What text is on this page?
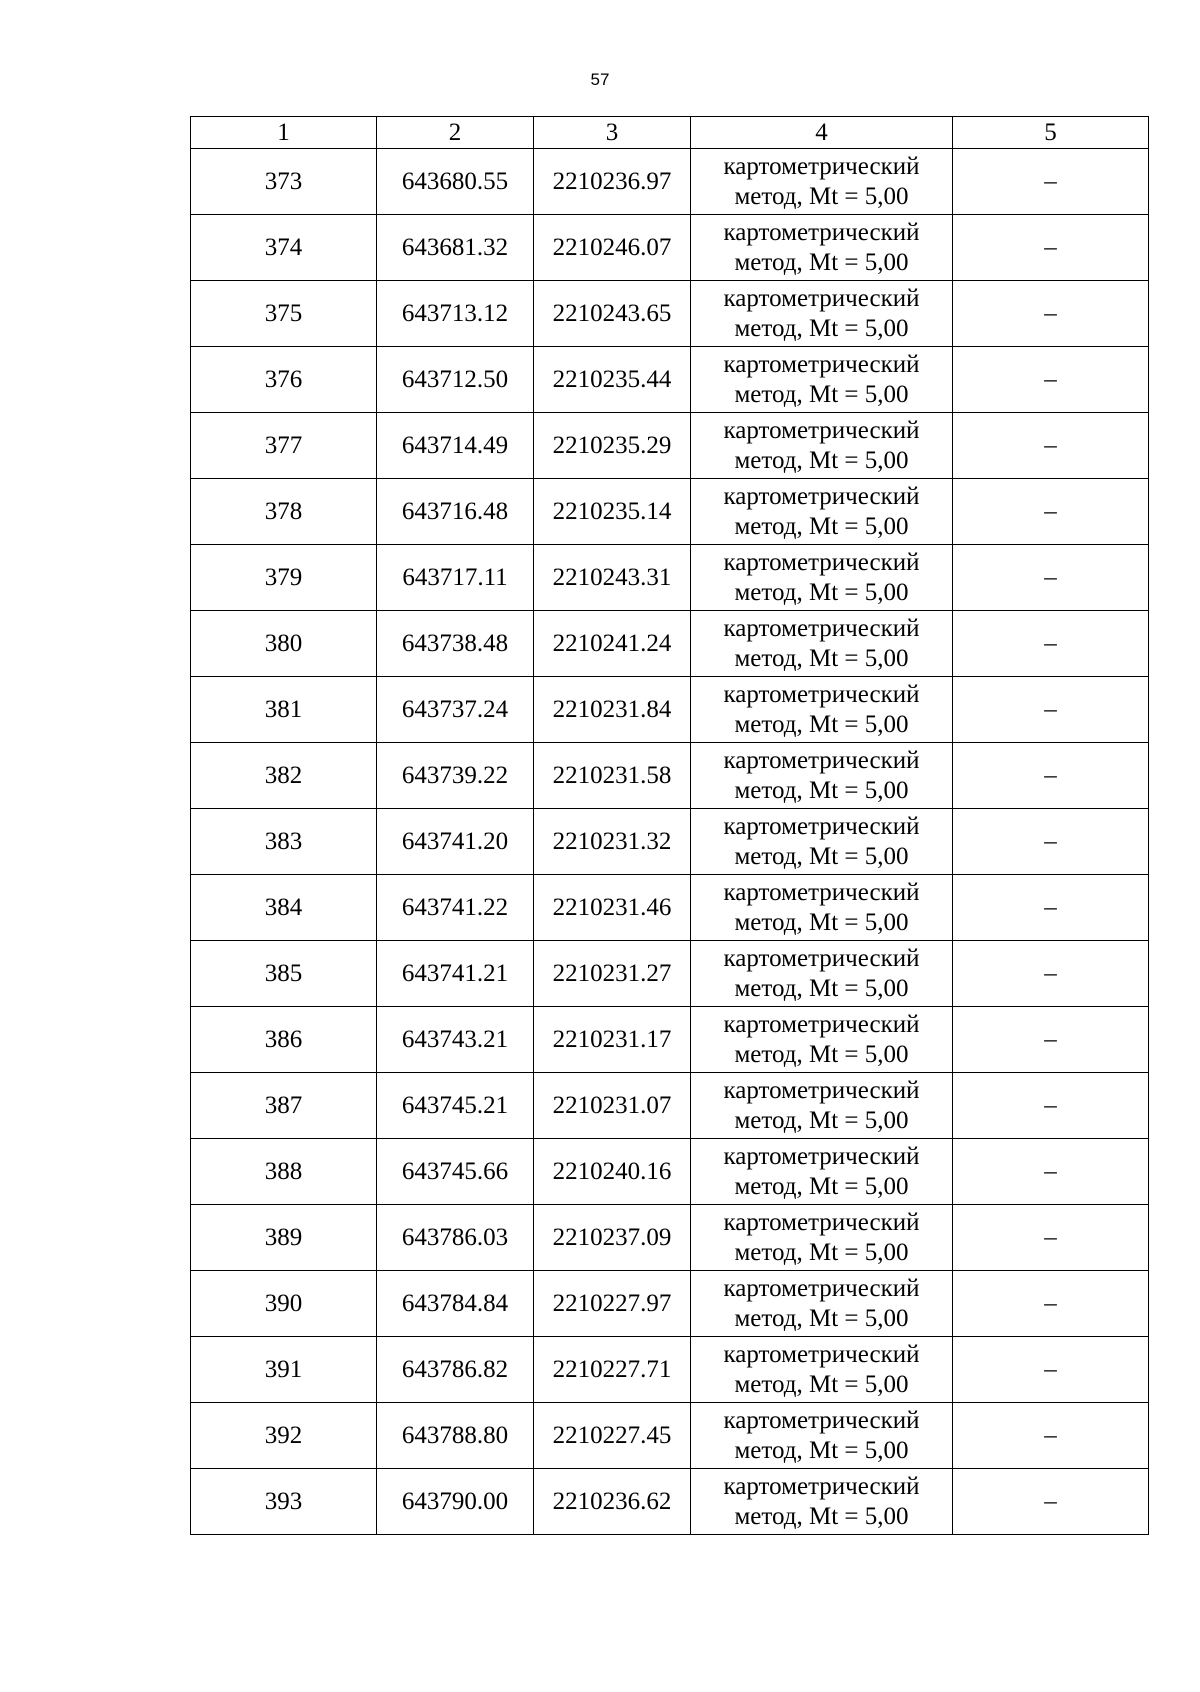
57
1	2	3	4	5
373	643680.55	2210236.97	картометрический
метод, Mt = 5,00	–
374	643681.32	2210246.07	картометрический
метод, Mt = 5,00	–
375	643713.12	2210243.65	картометрический
метод, Mt = 5,00	–
376	643712.50	2210235.44	картометрический
метод, Mt = 5,00	–
377	643714.49	2210235.29	картометрический
метод, Mt = 5,00	–
378	643716.48	2210235.14	картометрический
метод, Mt = 5,00	–
379	643717.11	2210243.31	картометрический
метод, Mt = 5,00	–
380	643738.48	2210241.24	картометрический
метод, Mt = 5,00	–
381	643737.24	2210231.84	картометрический
метод, Mt = 5,00	–
382	643739.22	2210231.58	картометрический
метод, Mt = 5,00	–
383	643741.20	2210231.32	картометрический
метод, Mt = 5,00	–
384	643741.22	2210231.46	картометрический
метод, Mt = 5,00	–
385	643741.21	2210231.27	картометрический
метод, Mt = 5,00	–
386	643743.21	2210231.17	картометрический
метод, Mt = 5,00	–
387	643745.21	2210231.07	картометрический
метод, Mt = 5,00	–
388	643745.66	2210240.16	картометрический
метод, Mt = 5,00	–
389	643786.03	2210237.09	картометрический
метод, Mt = 5,00	–
390	643784.84	2210227.97	картометрический
метод, Mt = 5,00	–
391	643786.82	2210227.71	картометрический
метод, Mt = 5,00	–
392	643788.80	2210227.45	картометрический
метод, Mt = 5,00	–
393	643790.00	2210236.62	картометрический
метод, Mt = 5,00	–
